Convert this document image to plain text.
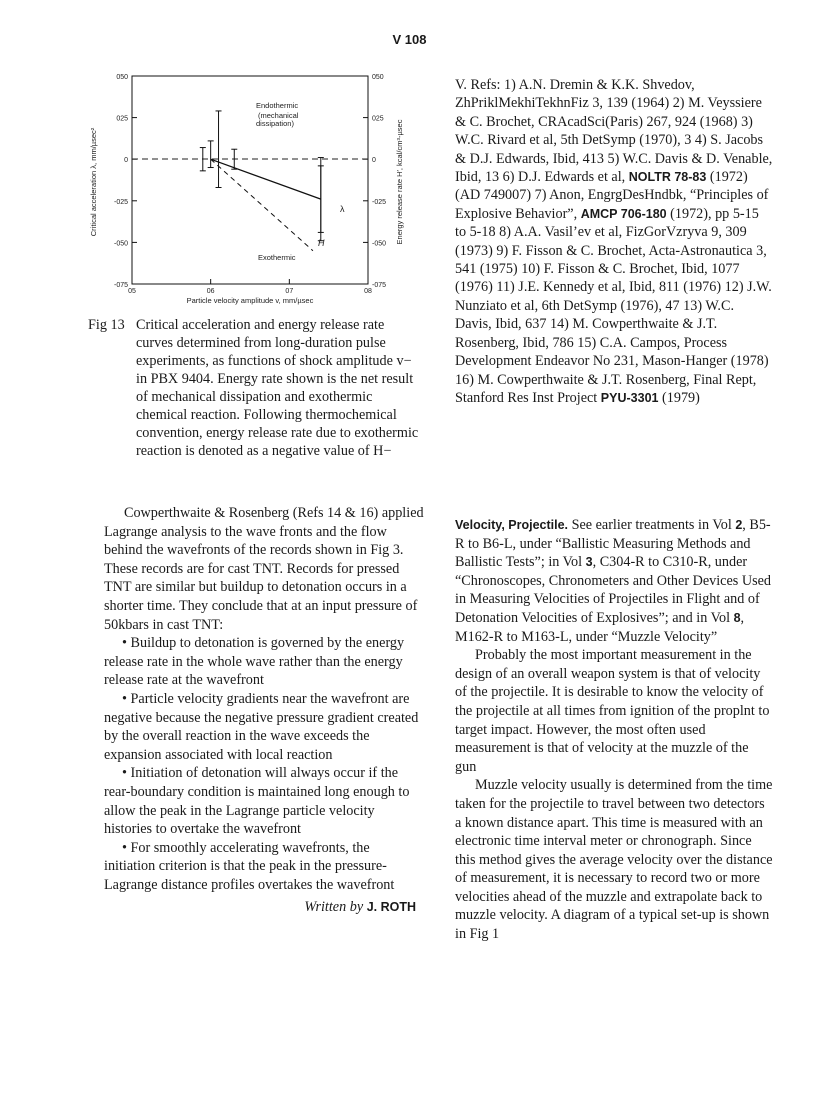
V 108
050
025
0
-025
-050
-075
050
025
0
-025
-050
-075
05	06	07	08
Endothermic
(mechanical
dissipation)
Exothermic
λ
H
Particle velocity amplitude v, mm/µsec
Critical acceleration λ, mm/µsec²	Energy release rate H′, kcal/cm³-µsec
Fig 13 Critical acceleration and energy release rate curves determined from long-duration pulse experiments, as functions of shock amplitude v− in PBX 9404. Energy rate shown is the net result of mechanical dissipation and exothermic chemical reaction. Following thermochemical convention, energy release rate due to exothermic reaction is denoted as a negative value of H−
V. Refs: 1) A.N. Dremin & K.K. Shvedov, ZhPriklMekhiTekhnFiz 3, 139 (1964) 2) M. Veyssiere & C. Brochet, CRAcadSci(Paris) 267, 924 (1968) 3) W.C. Rivard et al, 5th DetSymp (1970), 3 4) S. Jacobs & D.J. Edwards, Ibid, 413 5) W.C. Davis & D. Venable, Ibid, 13 6) D.J. Edwards et al, NOLTR 78-83 (1972) (AD 749007) 7) Anon, EngrgDesHndbk, “Principles of Explosive Behavior”, AMCP 706-180 (1972), pp 5-15 to 5-18 8) A.A. Vasil’ev et al, FizGorVzryva 9, 309 (1973) 9) F. Fisson & C. Brochet, Acta-Astronautica 3, 541 (1975) 10) F. Fisson & C. Brochet, Ibid, 1077 (1976) 11) J.E. Kennedy et al, Ibid, 811 (1976) 12) J.W. Nunziato et al, 6th DetSymp (1976), 47 13) W.C. Davis, Ibid, 637 14) M. Cowperthwaite & J.T. Rosenberg, Ibid, 786 15) C.A. Campos, Process Development Endeavor No 231, Mason-Hanger (1978) 16) M. Cowperthwaite & J.T. Rosenberg, Final Rept, Stanford Res Inst Project PYU-3301 (1979)

Cowperthwaite & Rosenberg (Refs 14 & 16) applied Lagrange analysis to the wave fronts and the flow behind the wavefronts of the records shown in Fig 3. These records are for cast TNT. Records for pressed TNT are similar but buildup to detonation occurs in a shorter time. They conclude that at an input pressure of 50kbars in cast TNT:

• Buildup to detonation is governed by the energy release rate in the whole wave rather than the energy release rate at the wavefront

• Particle velocity gradients near the wavefront are negative because the negative pressure gradient created by the overall reaction in the wave exceeds the expansion associated with local reaction

• Initiation of detonation will always occur if the rear-boundary condition is maintained long enough to allow the peak in the Lagrange particle velocity histories to overtake the wavefront

• For smoothly accelerating wavefronts, the initiation criterion is that the peak in the pressure-Lagrange distance profiles overtakes the wavefront

Written by J. ROTH

Velocity, Projectile. See earlier treatments in Vol 2, B5-R to B6-L, under “Ballistic Measuring Methods and Ballistic Tests”; in Vol 3, C304-R to C310-R, under “Chronoscopes, Chronometers and Other Devices Used in Measuring Velocities of Projectiles in Flight and of Detonation Velocities of Explosives”; and in Vol 8, M162-R to M163-L, under “Muzzle Velocity”

Probably the most important measurement in the design of an overall weapon system is that of velocity of the projectile. It is desirable to know the velocity of the projectile at all times from ignition of the proplnt to target impact. However, the most often used measurement is that of velocity at the muzzle of the gun

Muzzle velocity usually is determined from the time taken for the projectile to travel between two detectors a known distance apart. This time is measured with an electronic time interval meter or chronograph. Since this method gives the average velocity over the distance of measurement, it is necessary to record two or more velocities ahead of the muzzle and extrapolate back to muzzle velocity. A diagram of a typical set-up is shown in Fig 1
